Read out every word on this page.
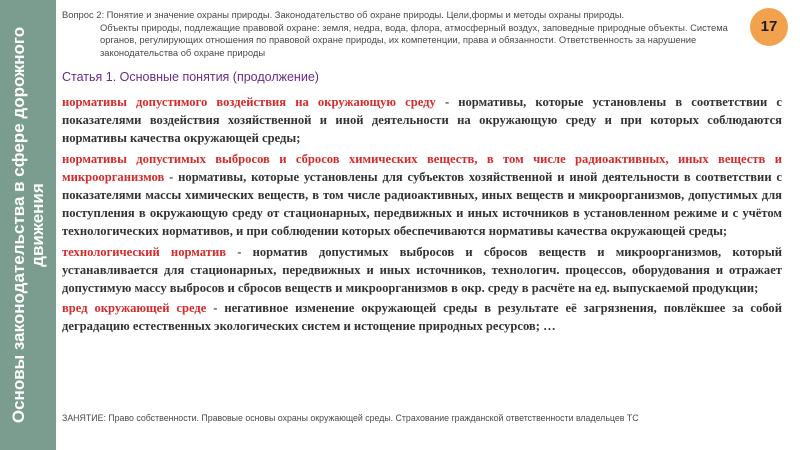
Основы законодательства в сфере дорожного движения
Вопрос 2: Понятие и значение охраны природы. Законодательство об охране природы. Цели,формы и методы охраны природы.
Объекты природы, подлежащие правовой охране: земля, недра, вода, флора, атмосферный воздух, заповедные природные объекты. Система органов, регулирующих отношения по правовой охране природы, их компетенции, права и обязанности. Ответственность за нарушение законодательства об охране природы
17
Статья 1. Основные понятия (продолжение)

нормативы допустимого воздействия на окружающую среду - нормативы, которые установлены в соответствии с показателями воздействия хозяйственной и иной деятельности на окружающую среду и при которых соблюдаются нормативы качества окружающей среды;

нормативы допустимых выбросов и сбросов химических веществ, в том числе радиоактивных, иных веществ и микроорганизмов - нормативы, которые установлены для субъектов хозяйственной и иной деятельности в соответствии с показателями массы химических веществ, в том числе радиоактивных, иных веществ и микроорганизмов, допустимых для поступления в окружающую среду от стационарных, передвижных и иных источников в установленном режиме и с учётом технологических нормативов, и при соблюдении которых обеспечиваются нормативы качества окружающей среды;

технологический норматив - норматив допустимых выбросов и сбросов веществ и микроорганизмов, который устанавливается для стационарных, передвижных и иных источников, технологич. процессов, оборудования и отражает допустимую массу выбросов и сбросов веществ и микроорганизмов в окр. среду в расчёте на ед. выпускаемой продукции;

вред окружающей среде - негативное изменение окружающей среды в результате её загрязнения, повлёкшее за собой деградацию естественных экологических систем и истощение природных ресурсов; …

ЗАНЯТИЕ: Право собственности. Правовые основы охраны окружающей среды. Страхование гражданской ответственности владельцев ТС
